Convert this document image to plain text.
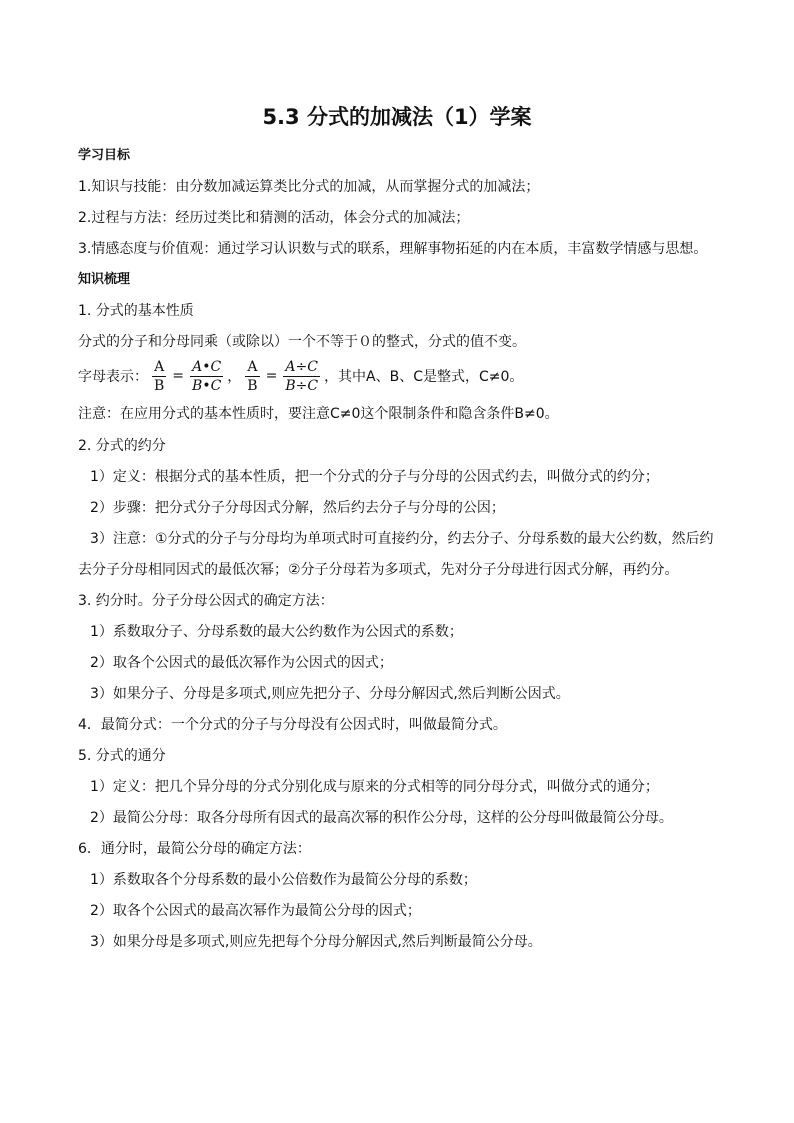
5.3 分式的加减法（1）学案
学习目标
1.知识与技能：由分数加减运算类比分式的加减，从而掌握分式的加减法；
2.过程与方法：经历过类比和猜测的活动，体会分式的加减法；
3.情感态度与价值观：通过学习认识数与式的联系，理解事物拓延的内在本质，丰富数学情感与思想。
知识梳理
1. 分式的基本性质
分式的分子和分母同乘（或除以）一个不等于０的整式，分式的值不变。
字母表示： $\frac{A}{B} = \frac{A•C}{B•C}$ ， $\frac{A}{B} = \frac{A\div C}{B\div C}$ ，其中A、B、C是整式，C≠0。
注意：在应用分式的基本性质时，要注意C≠0这个限制条件和隐含条件B≠0。
2. 分式的约分
1）定义：根据分式的基本性质，把一个分式的分子与分母的公因式约去，叫做分式的约分；
2）步骤：把分式分子分母因式分解，然后约去分子与分母的公因；
3）注意：①分式的分子与分母均为单项式时可直接约分，约去分子、分母系数的最大公约数，然后约
去分子分母相同因式的最低次幂；②分子分母若为多项式，先对分子分母进行因式分解，再约分。
3. 约分时。分子分母公因式的确定方法：
1）系数取分子、分母系数的最大公约数作为公因式的系数；
2）取各个公因式的最低次幂作为公因式的因式；
3）如果分子、分母是多项式,则应先把分子、分母分解因式,然后判断公因式。
4．最简分式：一个分式的分子与分母没有公因式时，叫做最简分式。
5. 分式的通分
1）定义：把几个异分母的分式分别化成与原来的分式相等的同分母分式，叫做分式的通分；
2）最简公分母：取各分母所有因式的最高次幂的积作公分母，这样的公分母叫做最简公分母。
6．通分时，最简公分母的确定方法：
1）系数取各个分母系数的最小公倍数作为最简公分母的系数；
2）取各个公因式的最高次幂作为最简公分母的因式；
3）如果分母是多项式,则应先把每个分母分解因式,然后判断最简公分母。
